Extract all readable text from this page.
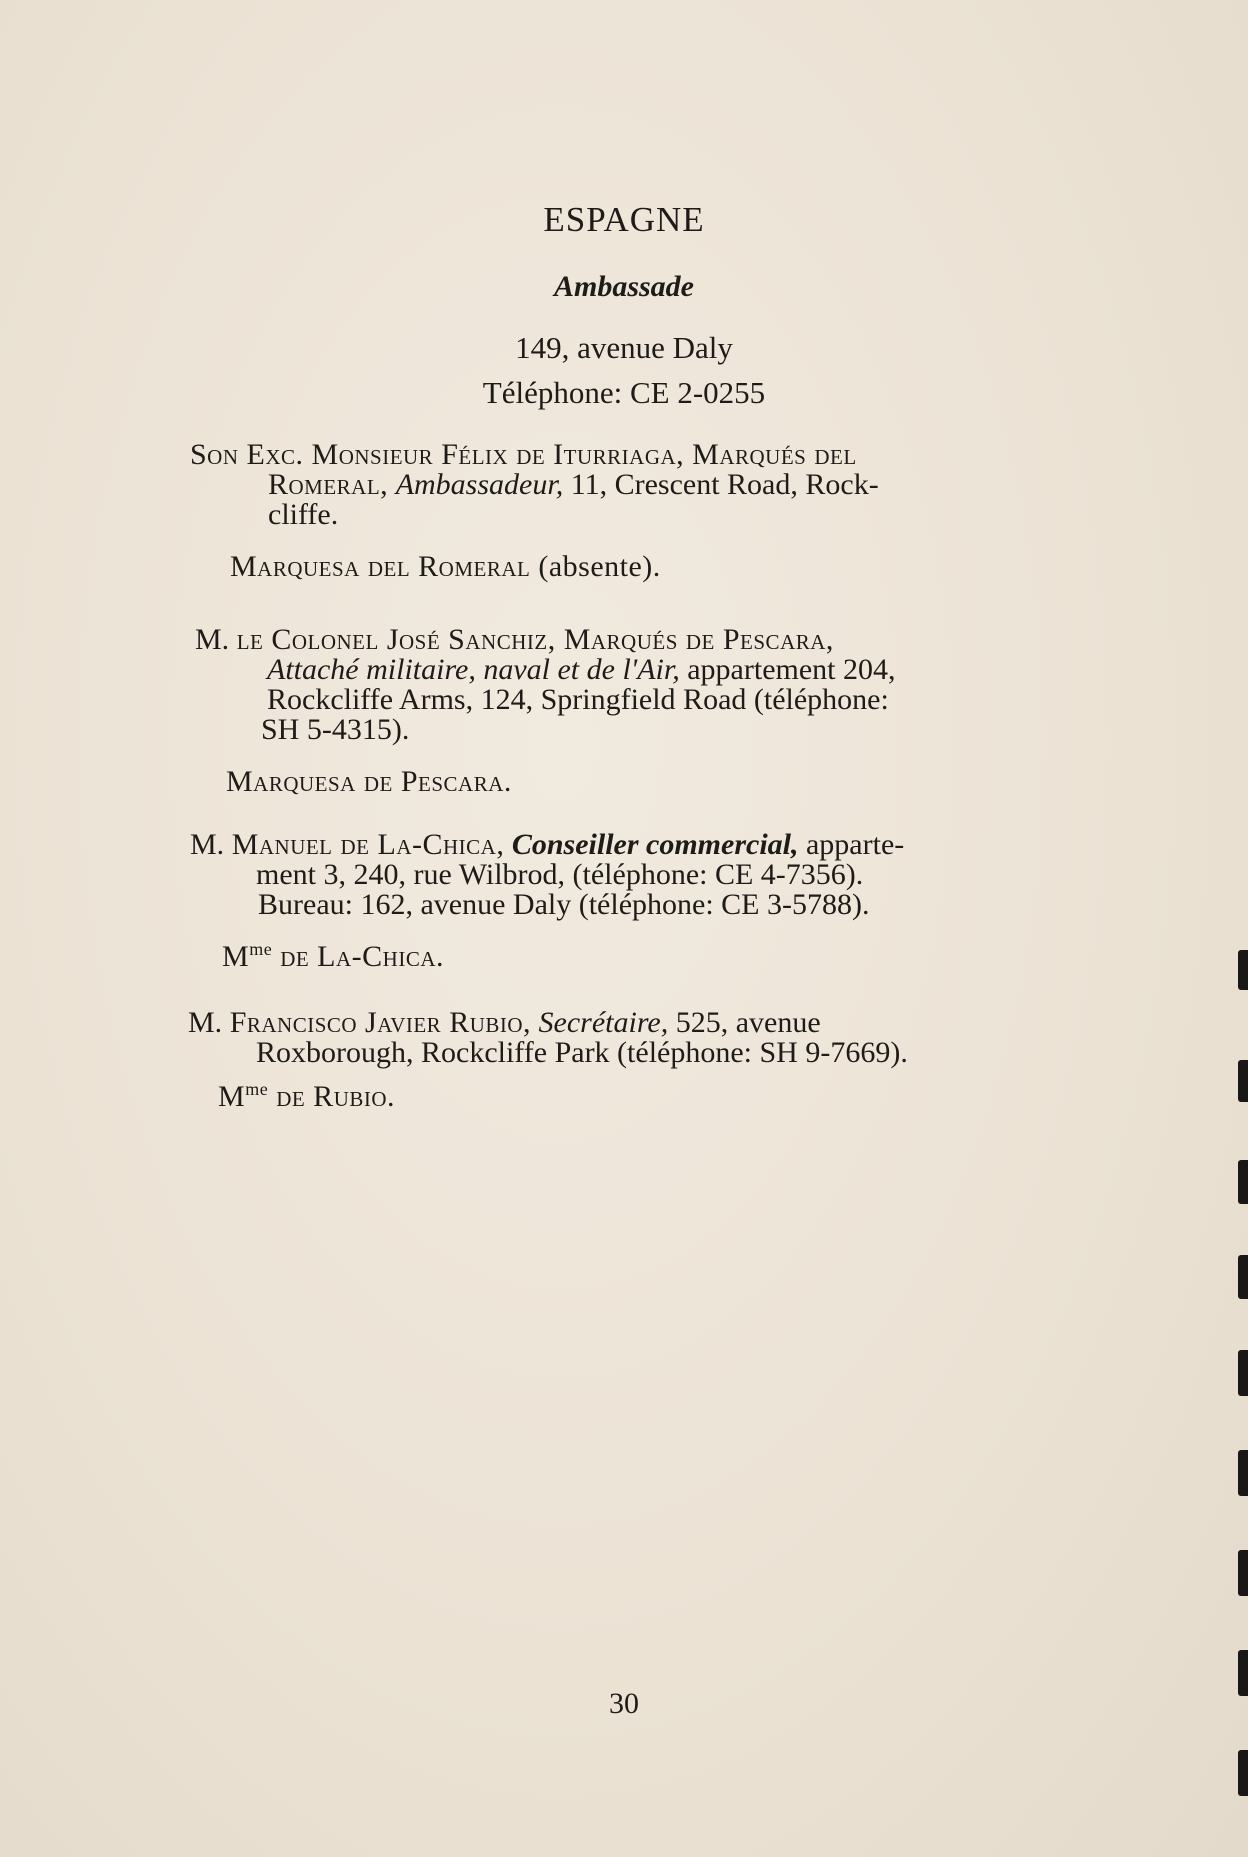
ESPAGNE
Ambassade
149, avenue Daly
Téléphone: CE 2-0255
Son Exc. Monsieur Félix de Iturriaga, Marqués del
Romeral, Ambassadeur, 11, Crescent Road, Rock-
cliffe.
Marquesa del Romeral (absente).
M. le Colonel José Sanchiz, Marqués de Pescara,
Attaché militaire, naval et de l'Air, appartement 204,
Rockcliffe Arms, 124, Springfield Road (téléphone:
SH 5-4315).
Marquesa de Pescara.
M. Manuel de La-Chica, Conseiller commercial, apparte-
ment 3, 240, rue Wilbrod, (téléphone: CE 4-7356).
Bureau: 162, avenue Daly (téléphone: CE 3-5788).
$M^{me}$ de La-Chica.
M. Francisco Javier Rubio, Secrétaire, 525, avenue
Roxborough, Rockcliffe Park (téléphone: SH 9-7669).
$M^{me}$ de Rubio.
30
